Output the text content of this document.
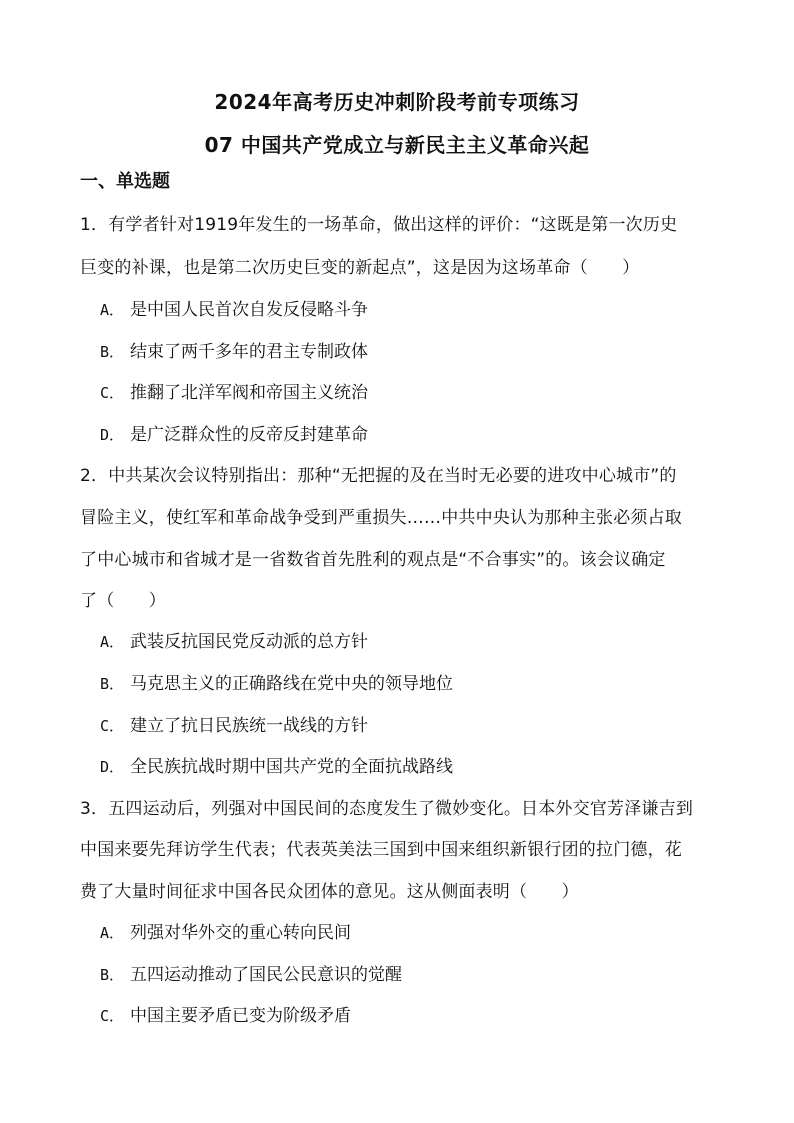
2024年高考历史冲刺阶段考前专项练习
07 中国共产党成立与新民主主义革命兴起
一、单选题
1．有学者针对1919年发生的一场革命，做出这样的评价：“这既是第一次历史
巨变的补课，也是第二次历史巨变的新起点”，这是因为这场革命（　　）
A． 是中国人民首次自发反侵略斗争
B． 结束了两千多年的君主专制政体
C． 推翻了北洋军阀和帝国主义统治
D． 是广泛群众性的反帝反封建革命
2．中共某次会议特别指出：那种“无把握的及在当时无必要的进攻中心城市”的
冒险主义，使红军和革命战争受到严重损失……中共中央认为那种主张必须占取
了中心城市和省城才是一省数省首先胜利的观点是“不合事实”的。该会议确定
了（　　）
A． 武装反抗国民党反动派的总方针
B． 马克思主义的正确路线在党中央的领导地位
C． 建立了抗日民族统一战线的方针
D． 全民族抗战时期中国共产党的全面抗战路线
3．五四运动后，列强对中国民间的态度发生了微妙变化。日本外交官芳泽谦吉到
中国来要先拜访学生代表；代表英美法三国到中国来组织新银行团的拉门德，花
费了大量时间征求中国各民众团体的意见。这从侧面表明（　　）
A． 列强对华外交的重心转向民间
B． 五四运动推动了国民公民意识的觉醒
C． 中国主要矛盾已变为阶级矛盾
